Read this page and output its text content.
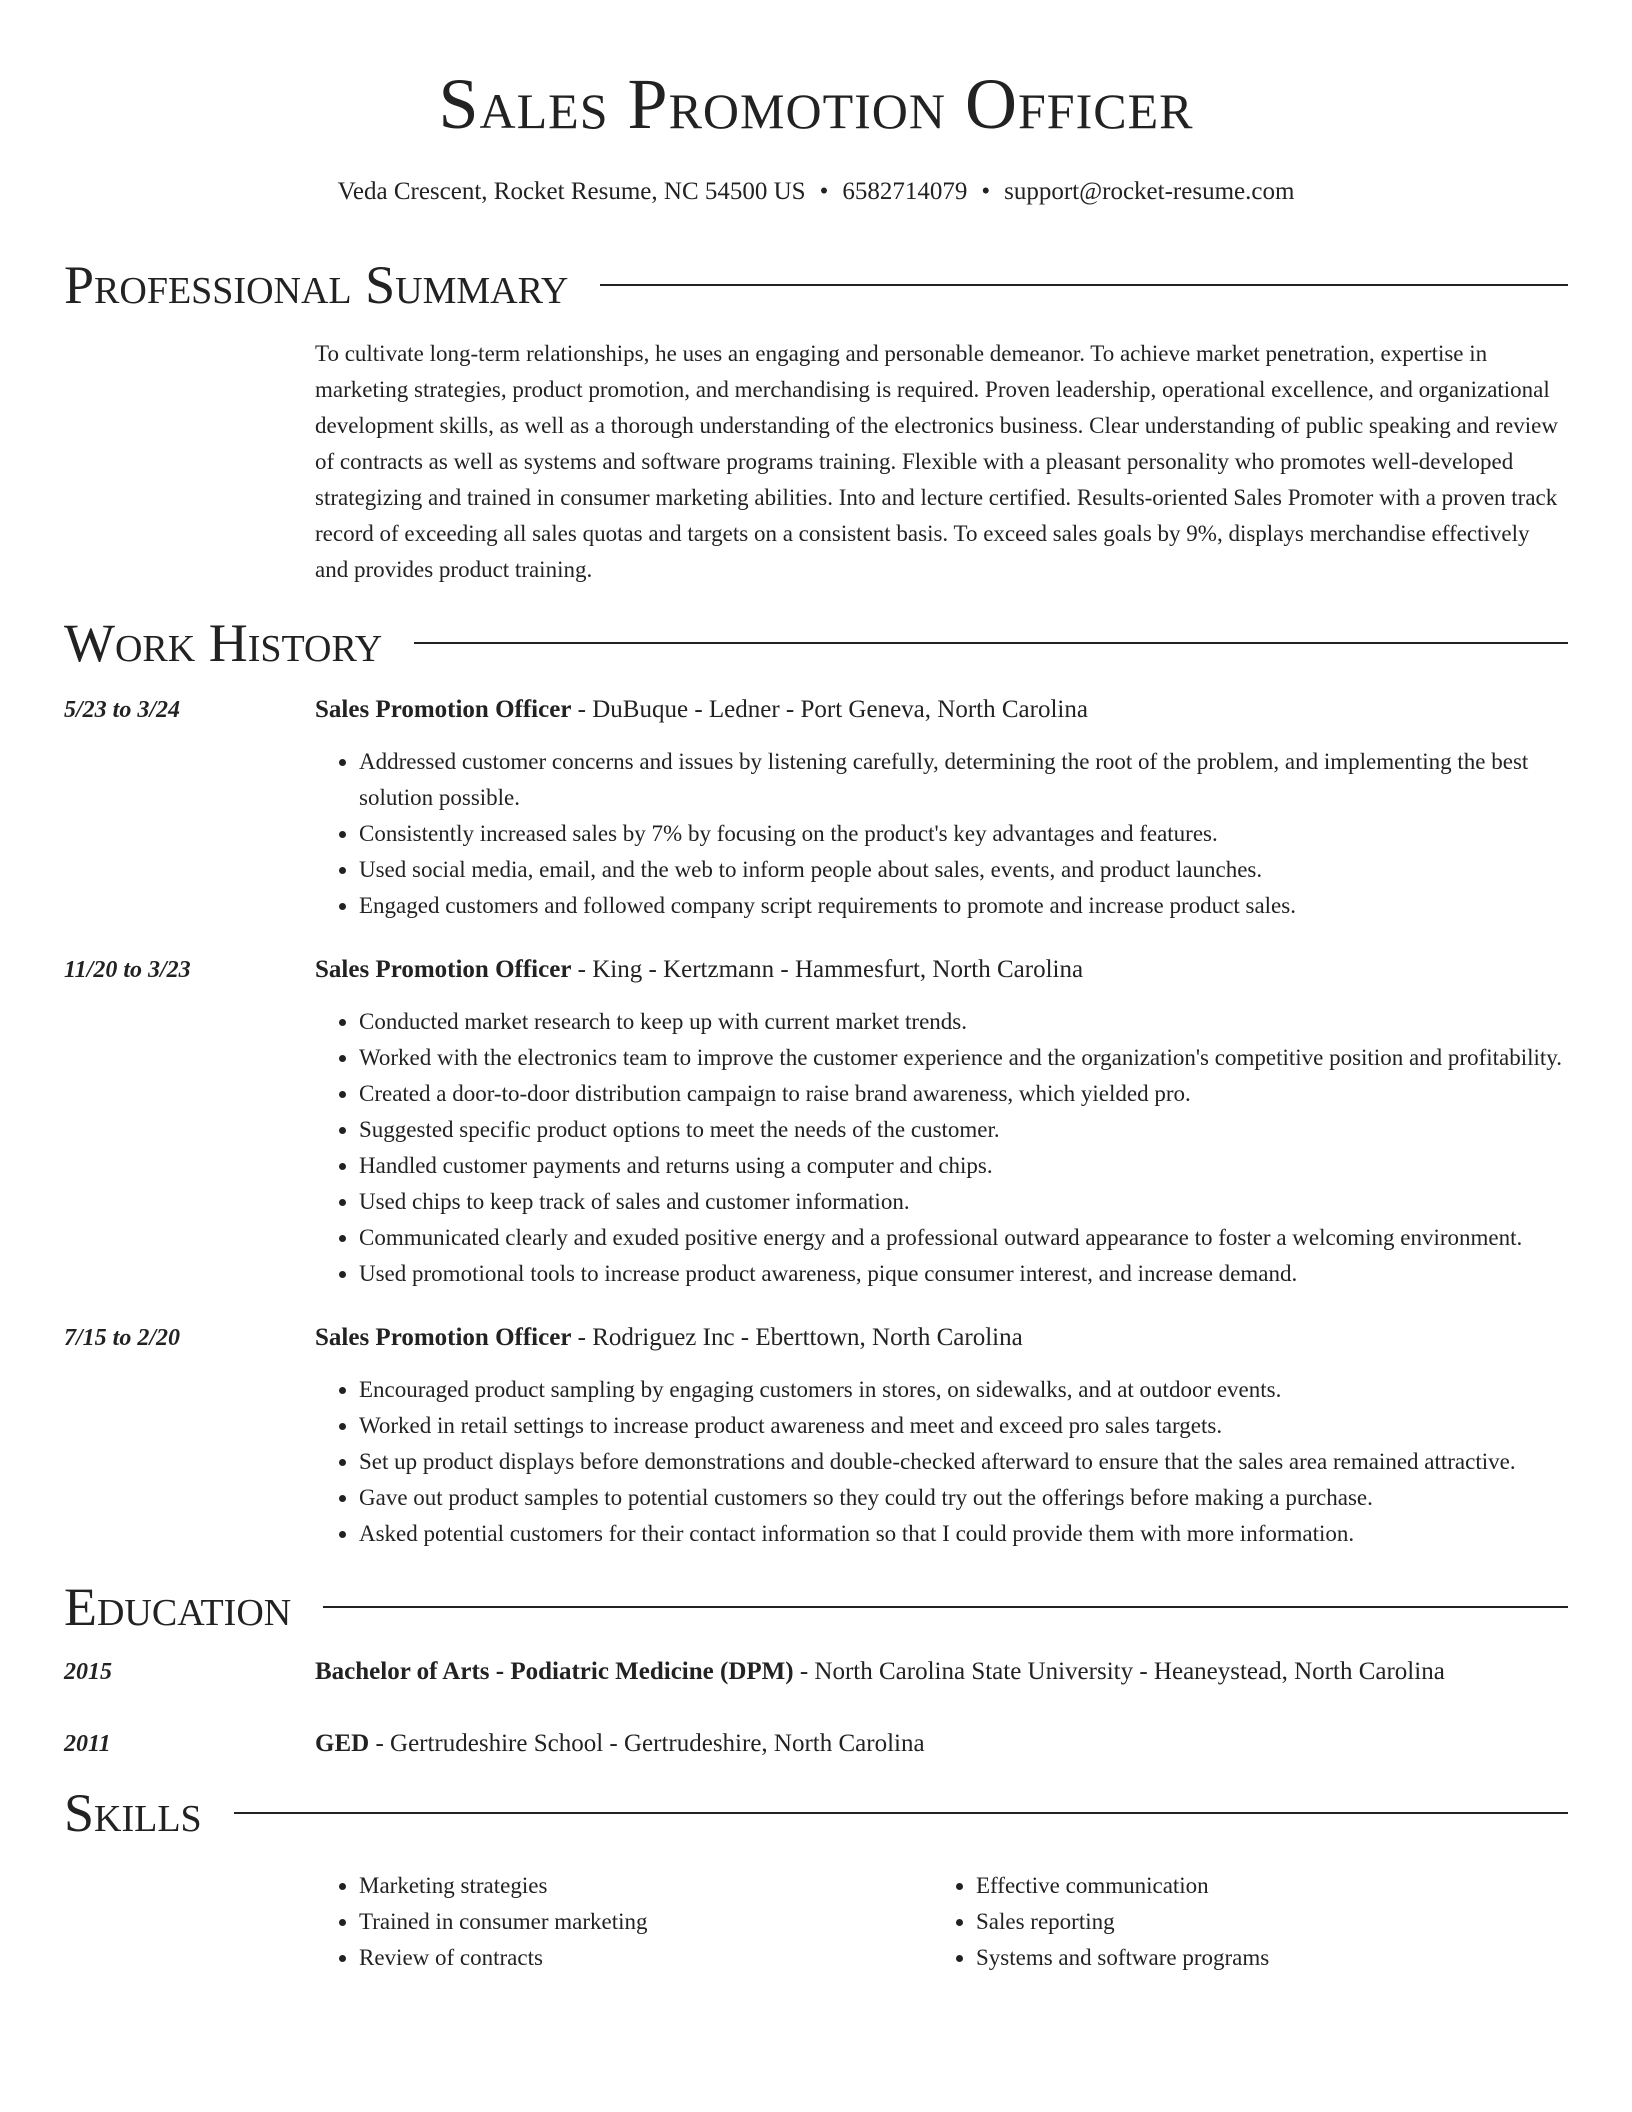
Sales Promotion Officer
Veda Crescent, Rocket Resume, NC 54500 US • 6582714079 • support@rocket-resume.com
Professional Summary

To cultivate long-term relationships, he uses an engaging and personable demeanor. To achieve market penetration, expertise in marketing strategies, product promotion, and merchandising is required. Proven leadership, operational excellence, and organizational development skills, as well as a thorough understanding of the electronics business. Clear understanding of public speaking and review of contracts as well as systems and software programs training. Flexible with a pleasant personality who promotes well-developed strategizing and trained in consumer marketing abilities. Into and lecture certified. Results-oriented Sales Promoter with a proven track record of exceeding all sales quotas and targets on a consistent basis. To exceed sales goals by 9%, displays merchandise effectively and provides product training.

Work History
5/23 to 3/24	Sales Promotion Officer - DuBuque - Ledner - Port Geneva, North Carolina
• Addressed customer concerns and issues by listening carefully, determining the root of the problem, and implementing the best solution possible.
• Consistently increased sales by 7% by focusing on the product's key advantages and features.
• Used social media, email, and the web to inform people about sales, events, and product launches.
• Engaged customers and followed company script requirements to promote and increase product sales.
11/20 to 3/23	Sales Promotion Officer - King - Kertzmann - Hammesfurt, North Carolina
• Conducted market research to keep up with current market trends.
• Worked with the electronics team to improve the customer experience and the organization's competitive position and profitability.
• Created a door-to-door distribution campaign to raise brand awareness, which yielded pro.
• Suggested specific product options to meet the needs of the customer.
• Handled customer payments and returns using a computer and chips.
• Used chips to keep track of sales and customer information.
• Communicated clearly and exuded positive energy and a professional outward appearance to foster a welcoming environment.
• Used promotional tools to increase product awareness, pique consumer interest, and increase demand.
7/15 to 2/20	Sales Promotion Officer - Rodriguez Inc - Eberttown, North Carolina
• Encouraged product sampling by engaging customers in stores, on sidewalks, and at outdoor events.
• Worked in retail settings to increase product awareness and meet and exceed pro sales targets.
• Set up product displays before demonstrations and double-checked afterward to ensure that the sales area remained attractive.
• Gave out product samples to potential customers so they could try out the offerings before making a purchase.
• Asked potential customers for their contact information so that I could provide them with more information.
Education
2015	Bachelor of Arts - Podiatric Medicine (DPM) - North Carolina State University - Heaneystead, North Carolina
2011	GED - Gertrudeshire School - Gertrudeshire, North Carolina
Skills
• Marketing strategies
• Trained in consumer marketing
• Review of contracts
• Effective communication
• Sales reporting
• Systems and software programs
